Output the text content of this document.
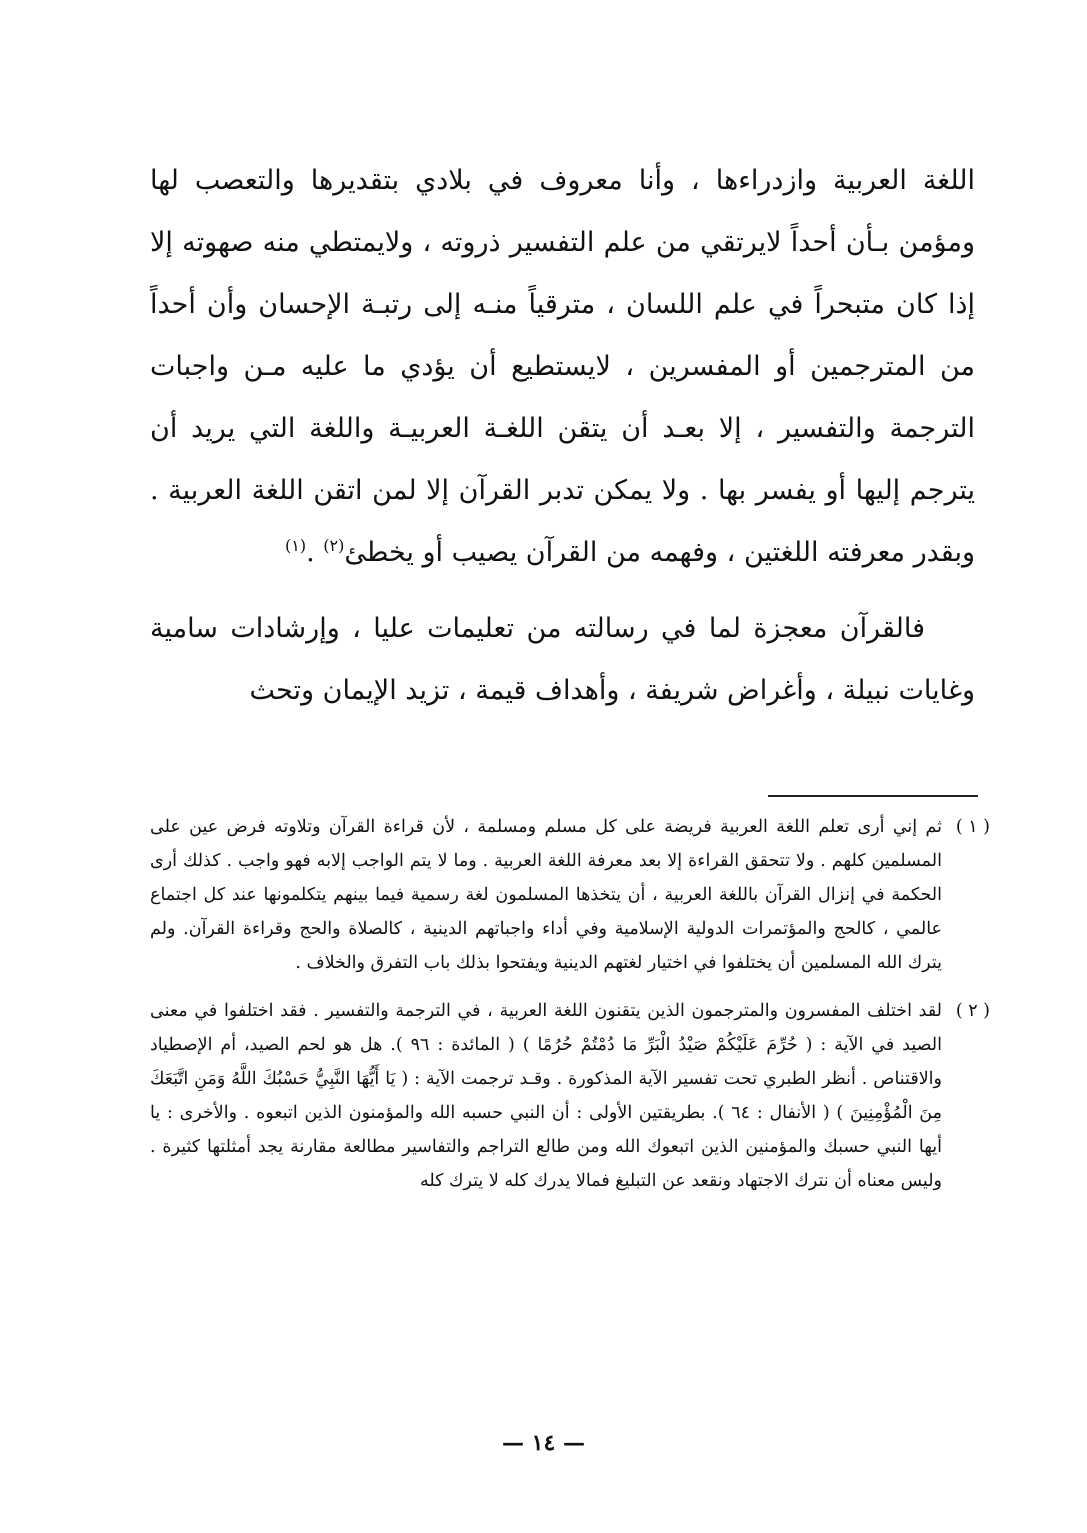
اللغة العربية وازدراءها ، وأنا معروف في بلادي بتقديرها والتعصب لها ومؤمن بـأن أحداً لايرتقي من علم التفسير ذروته ، ولايمتطي منه صهوته إلا إذا كان متبحراً في علم اللسان ، مترقياً منـه إلى رتبـة الإحسان وأن أحداً من المترجمين أو المفسرين ، لايستطيع أن يؤدي ما عليه مـن واجبات الترجمة والتفسير ، إلا بعـد أن يتقن اللغـة العربيـة واللغة التي يريد أن يترجم إليها أو يفسر بها . ولا يمكن تدبر القرآن إلا لمن اتقن اللغة العربية . وبقدر معرفته اللغتين ، وفهمه من القرآن يصيب أو يخطئ$^{(٢)}$ .$^{(١)}$

فالقرآن معجزة لما في رسالته من تعليمات عليا ، وإرشادات سامية وغايات نبيلة ، وأغراض شريفة ، وأهداف قيمة ، تزيد الإيمان وتحث

( ١ )
ثم إني أرى تعلم اللغة العربية فريضة على كل مسلم ومسلمة ، لأن قراءة القرآن وتلاوته فرض عين على المسلمين كلهم . ولا تتحقق القراءة إلا بعد معرفة اللغة العربية . وما لا يتم الواجب إلابه فهو واجب . كذلك أرى الحكمة في إنزال القرآن باللغة العربية ، أن يتخذها المسلمون لغة رسمية فيما بينهم يتكلمونها عند كل اجتماع عالمي ، كالحج والمؤتمرات الدولية الإسلامية وفي أداء واجباتهم الدينية ، كالصلاة والحج وقراءة القرآن. ولم يترك الله المسلمين أن يختلفوا في اختيار لغتهم الدينية ويفتحوا بذلك باب التفرق والخلاف .
( ٢ )
لقد اختلف المفسرون والمترجمون الذين يتقنون اللغة العربية ، في الترجمة والتفسير . فقد اختلفوا في معنى الصيد في الآية : ( حُرِّمَ عَلَيْكُمْ صَيْدُ الْبَرِّ مَا دُمْتُمْ حُرُمًا ) ( المائدة : ٩٦ ). هل هو لحم الصيد، أم الإصطياد والاقتناص . أنظر الطبري تحت تفسير الآية المذكورة . وقـد ترجمت الآية : ( يَا أَيُّهَا النَّبِيُّ حَسْبُكَ اللَّهُ وَمَنِ اتَّبَعَكَ مِنَ الْمُؤْمِنِينَ ) ( الأنفال : ٦٤ ). بطريقتين الأولى : أن النبي حسبه الله والمؤمنون الذين اتبعوه . والأخرى : يا أيها النبي حسبك والمؤمنين الذين اتبعوك الله ومن طالع التراجم والتفاسير مطالعة مقارنة يجد أمثلتها كثيرة . وليس معناه أن نترك الاجتهاد ونقعد عن التبليغ فمالا يدرك كله لا يترك كله
— ١٤ —
